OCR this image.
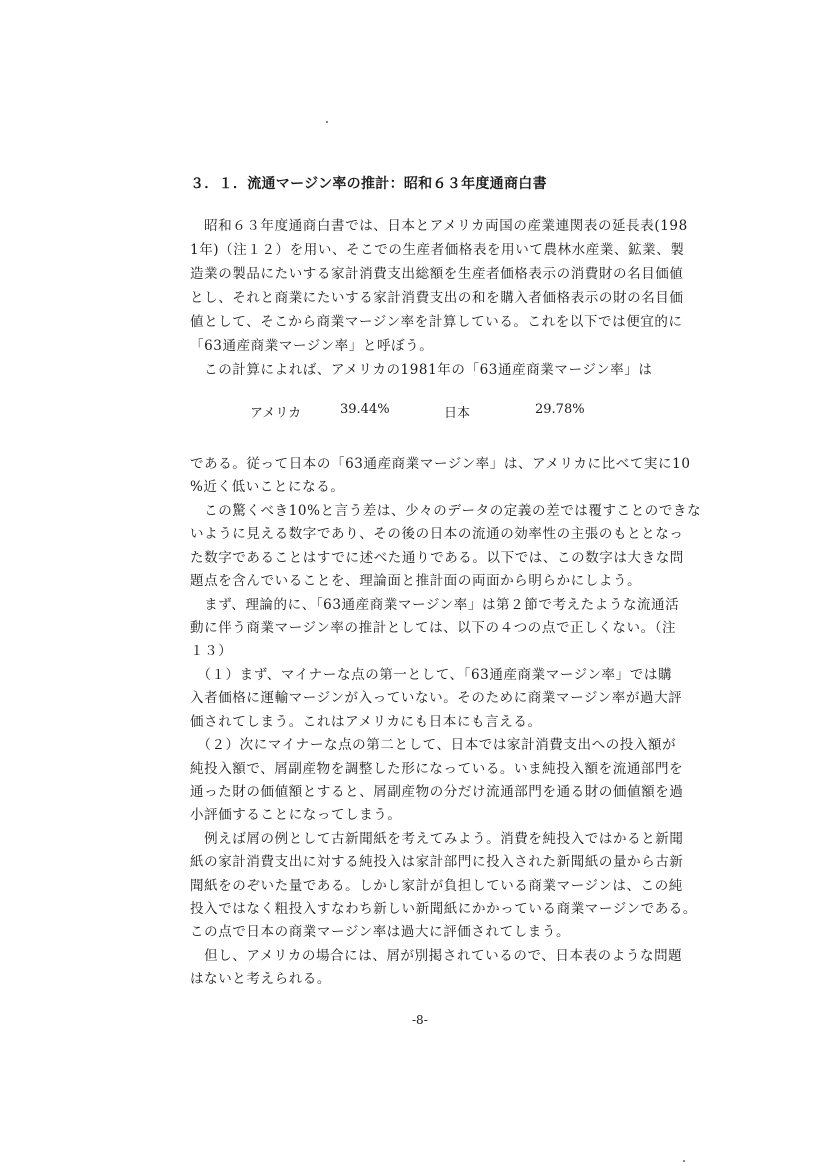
３．１．流通マージン率の推計：昭和６３年度通商白書
　昭和６３年度通商白書では、日本とアメリカ両国の産業連関表の延長表(198
1年)（注１２）を用い、そこでの生産者価格表を用いて農林水産業、鉱業、製
造業の製品にたいする家計消費支出総額を生産者価格表示の消費財の名目価値
とし、それと商業にたいする家計消費支出の和を購入者価格表示の財の名目価
値として、そこから商業マージン率を計算している。これを以下では便宜的に
「63通産商業マージン率」と呼ぼう。
　この計算によれば、アメリカの1981年の「63通産商業マージン率」は
アメリカ	39.44%	日本	29.78%
である。従って日本の「63通産商業マージン率」は、アメリカに比べて実に10
%近く低いことになる。
　この驚くべき10%と言う差は、少々のデータの定義の差では覆すことのできな
いように見える数字であり、その後の日本の流通の効率性の主張のもととなっ
た数字であることはすでに述べた通りである。以下では、この数字は大きな問
題点を含んでいることを、理論面と推計面の両面から明らかにしよう。
　まず、理論的に、「63通産商業マージン率」は第２節で考えたような流通活
動に伴う商業マージン率の推計としては、以下の４つの点で正しくない。（注
１３）
　（１）まず、マイナーな点の第一として、「63通産商業マージン率」では購
入者価格に運輸マージンが入っていない。そのために商業マージン率が過大評
価されてしまう。これはアメリカにも日本にも言える。
　（２）次にマイナーな点の第二として、日本では家計消費支出への投入額が
純投入額で、屑副産物を調整した形になっている。いま純投入額を流通部門を
通った財の価値額とすると、屑副産物の分だけ流通部門を通る財の価値額を過
小評価することになってしまう。
　例えば屑の例として古新聞紙を考えてみよう。消費を純投入ではかると新聞
紙の家計消費支出に対する純投入は家計部門に投入された新聞紙の量から古新
聞紙をのぞいた量である。しかし家計が負担している商業マージンは、この純
投入ではなく粗投入すなわち新しい新聞紙にかかっている商業マージンである。
この点で日本の商業マージン率は過大に評価されてしまう。
　但し、アメリカの場合には、屑が別掲されているので、日本表のような問題
はないと考えられる。
-8-
